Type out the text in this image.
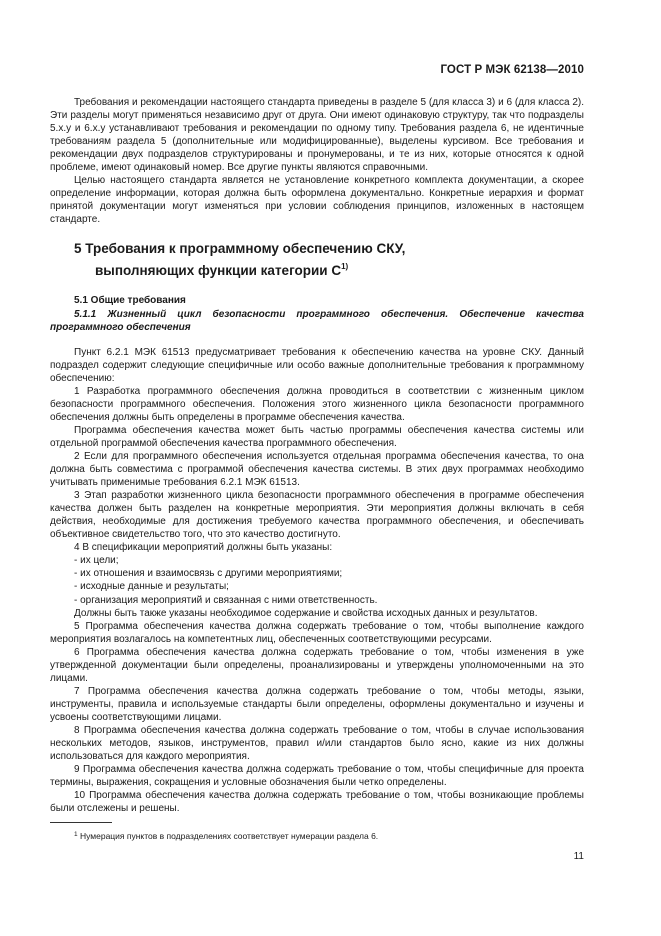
ГОСТ Р МЭК 62138—2010

Требования и рекомендации настоящего стандарта приведены в разделе 5 (для класса 3) и 6 (для класса 2). Эти разделы могут применяться независимо друг от друга. Они имеют одинаковую структуру, так что подразделы 5.x.y и 6.x.y устанавливают требования и рекомендации по одному типу. Требования раздела 6, не идентичные требованиям раздела 5 (дополнительные или модифицированные), выделены курсивом. Все требования и рекомендации двух подразделов структурированы и пронумерованы, и те из них, которые относятся к одной проблеме, имеют одинаковый номер. Все другие пункты являются справочными.

Целью настоящего стандарта является не установление конкретного комплекта документации, а скорее определение информации, которая должна быть оформлена документально. Конкретные иерархия и формат принятой документации могут изменяться при условии соблюдения принципов, изложенных в настоящем стандарте.

5 Требования к программному обеспечению СКУ,
выполняющих функции категории $С^{1)}$

5.1 Общие требования

5.1.1 Жизненный цикл безопасности программного обеспечения. Обеспечение качества программного обеспечения

Пункт 6.2.1 МЭК 61513 предусматривает требования к обеспечению качества на уровне СКУ. Данный подраздел содержит следующие специфичные или особо важные дополнительные требования к программному обеспечению:

1 Разработка программного обеспечения должна проводиться в соответствии с жизненным циклом безопасности программного обеспечения. Положения этого жизненного цикла безопасности программного обеспечения должны быть определены в программе обеспечения качества.

Программа обеспечения качества может быть частью программы обеспечения качества системы или отдельной программой обеспечения качества программного обеспечения.

2 Если для программного обеспечения используется отдельная программа обеспечения качества, то она должна быть совместима с программой обеспечения качества системы. В этих двух программах необходимо учитывать применимые требования 6.2.1 МЭК 61513.

3 Этап разработки жизненного цикла безопасности программного обеспечения в программе обеспечения качества должен быть разделен на конкретные мероприятия. Эти мероприятия должны включать в себя действия, необходимые для достижения требуемого качества программного обеспечения, и обеспечивать объективное свидетельство того, что это качество достигнуто.

4 В спецификации мероприятий должны быть указаны:

- их цели;

- их отношения и взаимосвязь с другими мероприятиями;

- исходные данные и результаты;

- организация мероприятий и связанная с ними ответственность.

Должны быть также указаны необходимое содержание и свойства исходных данных и результатов.

5 Программа обеспечения качества должна содержать требование о том, чтобы выполнение каждого мероприятия возлагалось на компетентных лиц, обеспеченных соответствующими ресурсами.

6 Программа обеспечения качества должна содержать требование о том, чтобы изменения в уже утвержденной документации были определены, проанализированы и утверждены уполномоченными на это лицами.

7 Программа обеспечения качества должна содержать требование о том, чтобы методы, языки, инструменты, правила и используемые стандарты были определены, оформлены документально и изучены и усвоены соответствующими лицами.

8 Программа обеспечения качества должна содержать требование о том, чтобы в случае использования нескольких методов, языков, инструментов, правил и/или стандартов было ясно, какие из них должны использоваться для каждого мероприятия.

9 Программа обеспечения качества должна содержать требование о том, чтобы специфичные для проекта термины, выражения, сокращения и условные обозначения были четко определены.

10 Программа обеспечения качества должна содержать требование о том, чтобы возникающие проблемы были отслежены и решены.

$^1$ Нумерация пунктов в подразделениях соответствует нумерации раздела 6.
11
